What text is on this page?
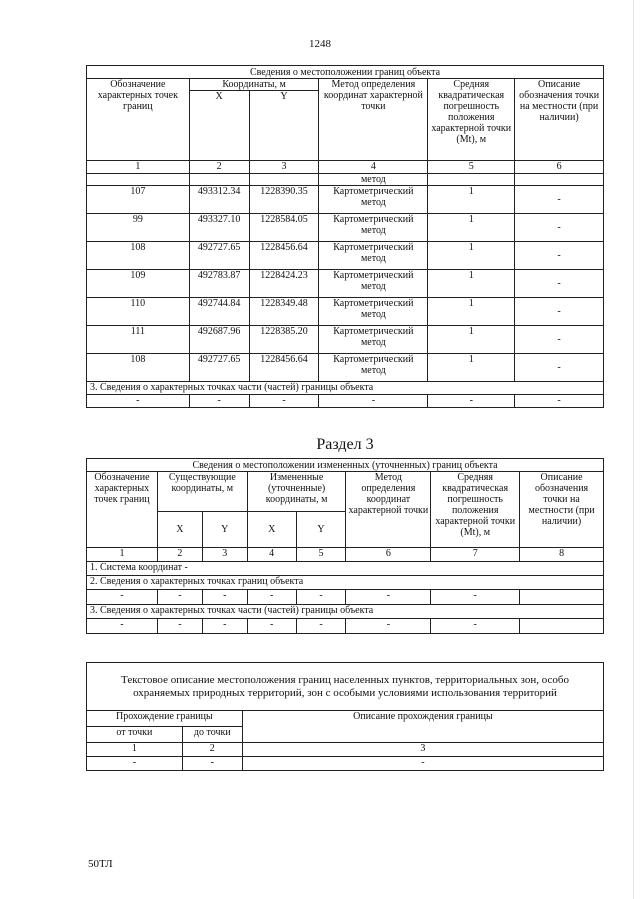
1248
Сведения о местоположении границ объекта					
Обозначение характерных точек границ	Координаты, м		Метод определения координат характерной точки	Средняя квадратическая погрешность положения характерной точки (Mt), м	Описание обозначения точки на местности (при наличии)
	X	Y			
1	2	3	4	5	6
			метод		
107	493312.34	1228390.35	Картометрический метод	1	-
99	493327.10	1228584.05	Картометрический метод	1	-
108	492727.65	1228456.64	Картометрический метод	1	-
109	492783.87	1228424.23	Картометрический метод	1	-
110	492744.84	1228349.48	Картометрический метод	1	-
111	492687.96	1228385.20	Картометрический метод	1	-
108	492727.65	1228456.64	Картометрический метод	1	-
3. Сведения о характерных точках части (частей) границы объекта					
-	-	-	-	-	-
Раздел 3
Сведения о местоположении измененных (уточненных) границ объекта							
Обозначение характерных точек границ	Существующие координаты, м		Измененные (уточненные) координаты, м		Метод определения координат характерной точки	Средняя квадратическая погрешность положения характерной точки (Mt), м	Описание обозначения точки на местности (при наличии)
	X	Y	X	Y			
1	2	3	4	5	6	7	8
1. Система координат -							
2. Сведения о характерных точках границ объекта							
-	-	-	-	-	-	-	
3. Сведения о характерных точках части (частей) границы объекта							
-	-	-	-	-	-	-	
Текстовое описание местоположения границ населенных пунктов, территориальных зон, особо охраняемых природных территорий, зон с особыми условиями использования территорий		
Прохождение границы		Описание прохождения границы
от точки	до точки	
1	2	3
-	-	-
50ТЛ
